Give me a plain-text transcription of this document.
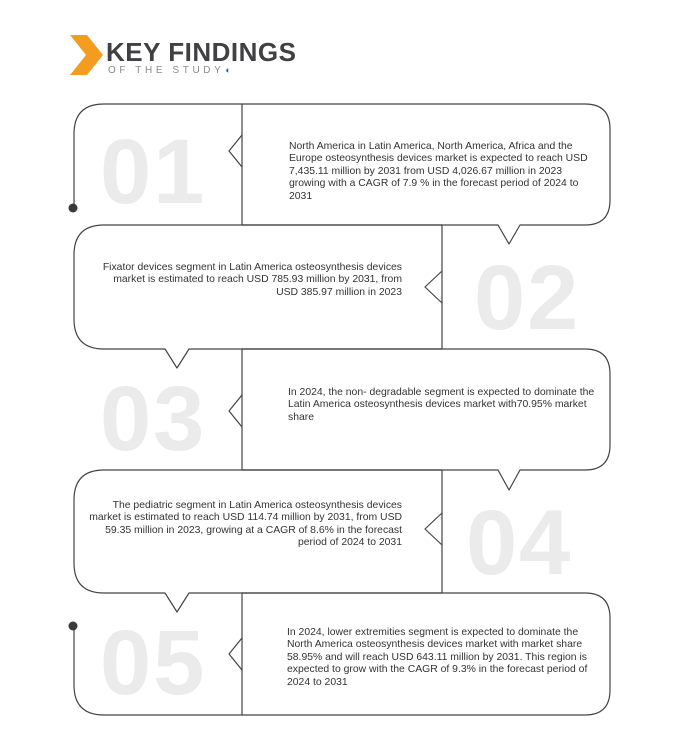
KEY FINDINGS
OF THE STUDY◖
01
02
03
04
05
North America in Latin America, North America, Africa and the Europe osteosynthesis devices market is expected to reach USD 7,435.11 million by 2031 from USD 4,026.67 million in 2023 growing with a CAGR of 7.9 % in the forecast period of 2024 to 2031
Fixator devices segment in Latin America osteosynthesis devices market is estimated to reach USD 785.93 million by 2031, from USD 385.97 million in 2023
In 2024, the non- degradable segment is expected to dominate the Latin America osteosynthesis devices market with70.95% market share
The pediatric segment in Latin America osteosynthesis devices market is estimated to reach USD 114.74 million by 2031, from USD 59.35 million in 2023, growing at a CAGR of 8.6% in the forecast period of 2024 to 2031
In 2024, lower extremities segment is expected to dominate the North America osteosynthesis devices market with market share 58.95% and will reach USD 643.11 million by 2031. This region is expected to grow with the CAGR of 9.3% in the forecast period of 2024 to 2031
